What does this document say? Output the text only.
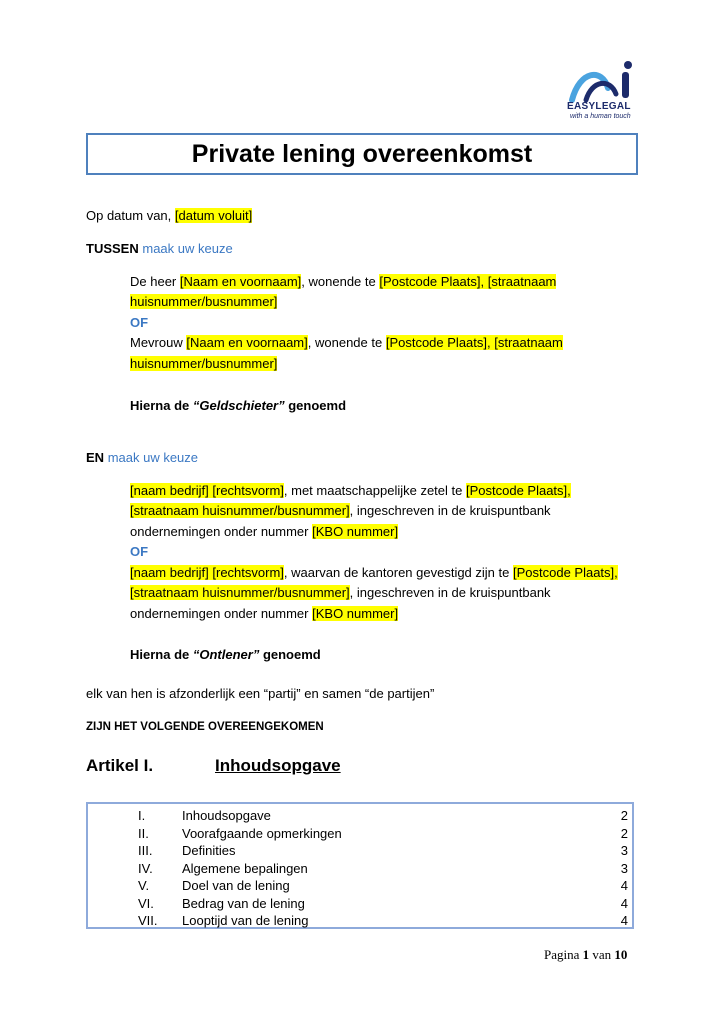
EASYLEGAL
with a human touch
Private lening overeenkomst
Op datum van, [datum voluit]
TUSSEN maak uw keuze
De heer [Naam en voornaam], wonende te [Postcode Plaats], [straatnaam
huisnummer/busnummer]
OF
Mevrouw [Naam en voornaam], wonende te [Postcode Plaats], [straatnaam
huisnummer/busnummer]
Hierna de “Geldschieter” genoemd
EN maak uw keuze
[naam bedrijf] [rechtsvorm], met maatschappelijke zetel te [Postcode Plaats],
[straatnaam huisnummer/busnummer], ingeschreven in de kruispuntbank
ondernemingen onder nummer [KBO nummer]
OF
[naam bedrijf] [rechtsvorm], waarvan de kantoren gevestigd zijn te [Postcode Plaats],
[straatnaam huisnummer/busnummer], ingeschreven in de kruispuntbank
ondernemingen onder nummer [KBO nummer]
Hierna de “Ontlener” genoemd
elk van hen is afzonderlijk een “partij” en samen “de partijen”
ZIJN HET VOLGENDE OVEREENGEKOMEN
Artikel I.	Inhoudsopgave
I.	Inhoudsopgave	2
II.	Voorafgaande opmerkingen	2
III. Definities	3
IV. Algemene bepalingen	3
V.	Doel van de lening	4
VI. Bedrag van de lening	4
VII. Looptijd van de lening	4
Pagina 1 van 10
